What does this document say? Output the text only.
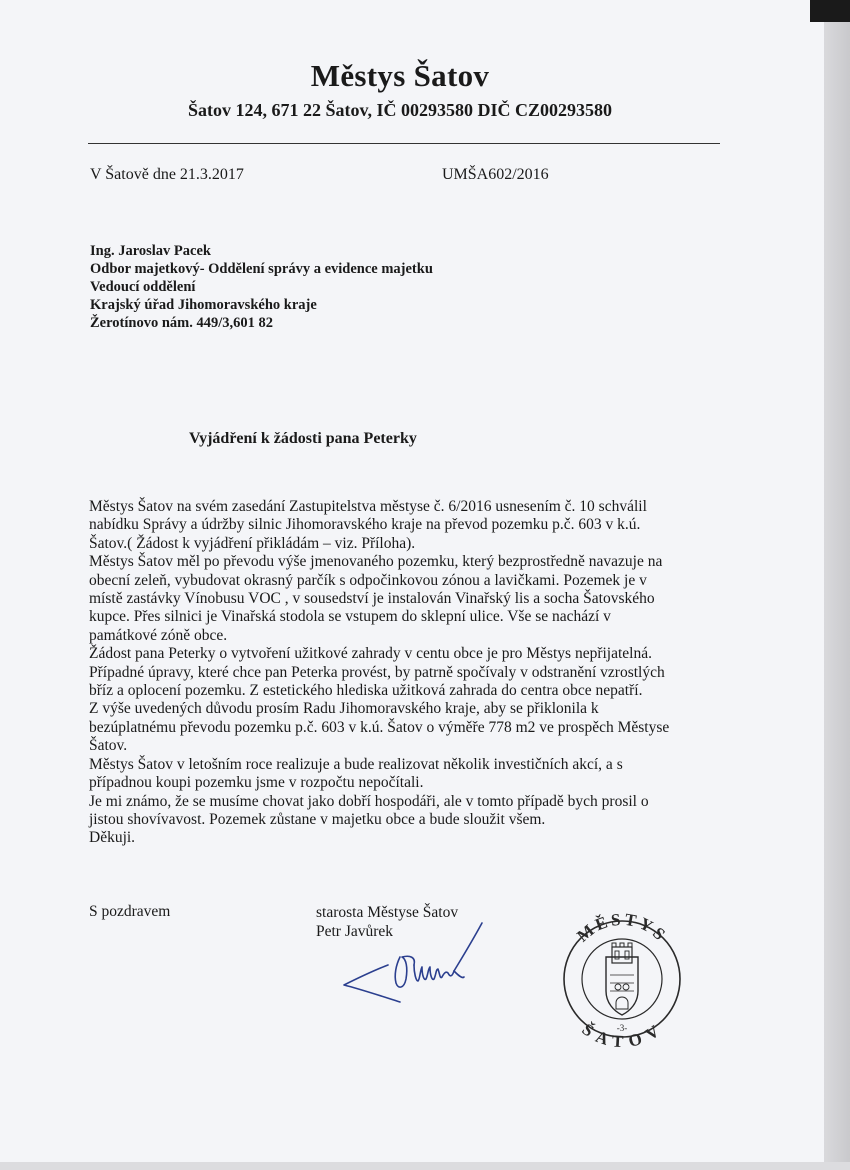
Městys Šatov
Šatov 124, 671 22 Šatov, IČ 00293580 DIČ CZ00293580
V Šatově dne 21.3.2017	UMŠA602/2016
Ing. Jaroslav Pacek
Odbor majetkový- Oddělení správy a evidence majetku
Vedoucí oddělení
Krajský úřad Jihomoravského kraje
Žerotínovo nám. 449/3,601 82
Vyjádření k žádosti pana Peterky
Městys Šatov na svém zasedání Zastupitelstva městyse č. 6/2016 usnesením č. 10 schválil
nabídku Správy a údržby silnic Jihomoravského kraje na převod pozemku p.č. 603 v k.ú.
Šatov.( Žádost k vyjádření přikládám – viz. Příloha).
Městys Šatov měl po převodu výše jmenovaného pozemku, který bezprostředně navazuje na
obecní zeleň, vybudovat okrasný parčík s odpočinkovou zónou a lavičkami. Pozemek je v
místě zastávky Vínobusu VOC , v sousedství je instalován Vinařský lis a socha Šatovského
kupce. Přes silnici je Vinařská stodola se vstupem do sklepní ulice. Vše se nachází v
památkové zóně obce.
Žádost pana Peterky o vytvoření užitkové zahrady v centu obce je pro Městys nepřijatelná.
Případné úpravy, které chce pan Peterka provést, by patrně spočívaly v odstranění vzrostlých
bříz a oplocení pozemku. Z estetického hlediska užitková zahrada do centra obce nepatří.
Z výše uvedených důvodu prosím Radu Jihomoravského kraje, aby se přiklonila k
bezúplatnému převodu pozemku p.č. 603 v k.ú. Šatov o výměře 778 m2 ve prospěch Městyse
Šatov.
Městys Šatov v letošním roce realizuje a bude realizovat několik investičních akcí, a s
případnou koupi pozemku jsme v rozpočtu nepočítali.
Je mi známo, že se musíme chovat jako dobří hospodáři, ale v tomto případě bych prosil o
jistou shovívavost. Pozemek zůstane v majetku obce a bude sloužit všem.
Děkuji.
S pozdravem	starosta Městyse Šatov
Petr Javůrek	MĚSTYS
ŠATOV
-3-
